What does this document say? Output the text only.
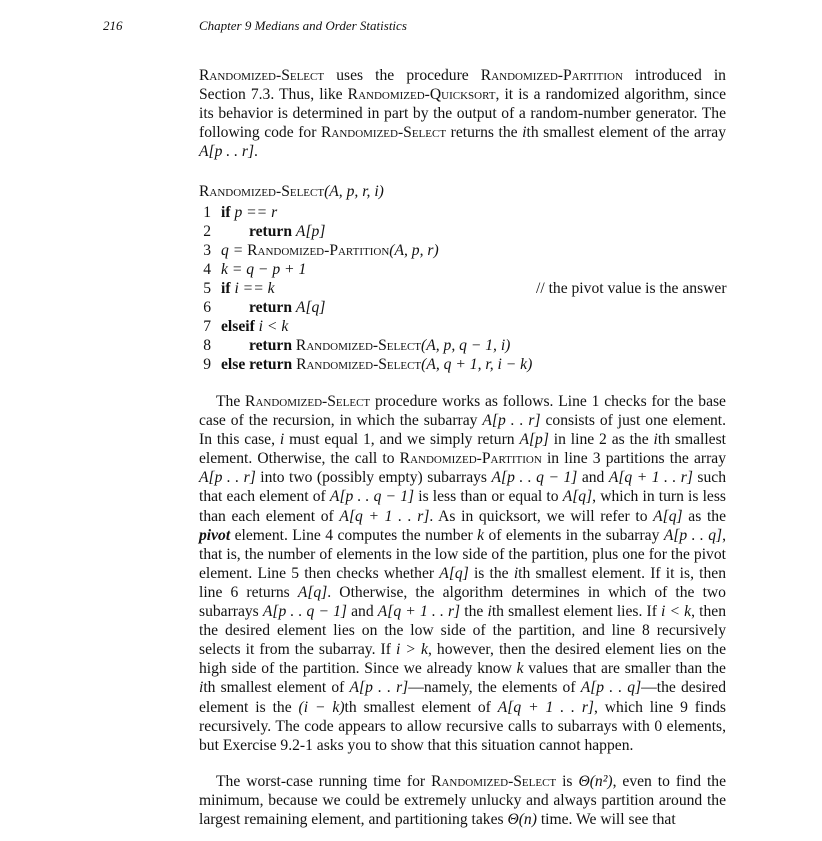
216	Chapter 9 Medians and Order Statistics

Randomized-Select uses the procedure Randomized-Partition introduced in Section 7.3. Thus, like Randomized-Quicksort, it is a randomized algorithm, since its behavior is determined in part by the output of a random-number generator. The following code for Randomized-Select returns the ith smallest element of the array A[p . . r].

Randomized-Select(A, p, r, i)
1 if p == r
2 return A[p]
3 q = Randomized-Partition(A, p, r)
4 k = q − p + 1
5 if i == k	// the pivot value is the answer
6 return A[q]
7 elseif i < k
8 return Randomized-Select(A, p, q − 1, i)
9 else return Randomized-Select(A, q + 1, r, i − k)

The Randomized-Select procedure works as follows. Line 1 checks for the base case of the recursion, in which the subarray A[p . . r] consists of just one element. In this case, i must equal 1, and we simply return A[p] in line 2 as the ith smallest element. Otherwise, the call to Randomized-Partition in line 3 partitions the array A[p . . r] into two (possibly empty) subarrays A[p . . q − 1] and A[q + 1 . . r] such that each element of A[p . . q − 1] is less than or equal to A[q], which in turn is less than each element of A[q + 1 . . r]. As in quicksort, we will refer to A[q] as the pivot element. Line 4 computes the number k of elements in the subarray A[p . . q], that is, the number of elements in the low side of the partition, plus one for the pivot element. Line 5 then checks whether A[q] is the ith smallest element. If it is, then line 6 returns A[q]. Otherwise, the algorithm determines in which of the two subarrays A[p . . q − 1] and A[q + 1 . . r] the ith smallest element lies. If i < k, then the desired element lies on the low side of the partition, and line 8 recursively selects it from the subarray. If i > k, however, then the desired element lies on the high side of the partition. Since we already know k values that are smaller than the ith smallest element of A[p . . r]—namely, the elements of A[p . . q]—the desired element is the (i − k)th smallest element of A[q + 1 . . r], which line 9 finds recursively. The code appears to allow recursive calls to subarrays with 0 elements, but Exercise 9.2-1 asks you to show that this situation cannot happen.

The worst-case running time for Randomized-Select is Θ(n²), even to find the minimum, because we could be extremely unlucky and always partition around the largest remaining element, and partitioning takes Θ(n) time. We will see that
